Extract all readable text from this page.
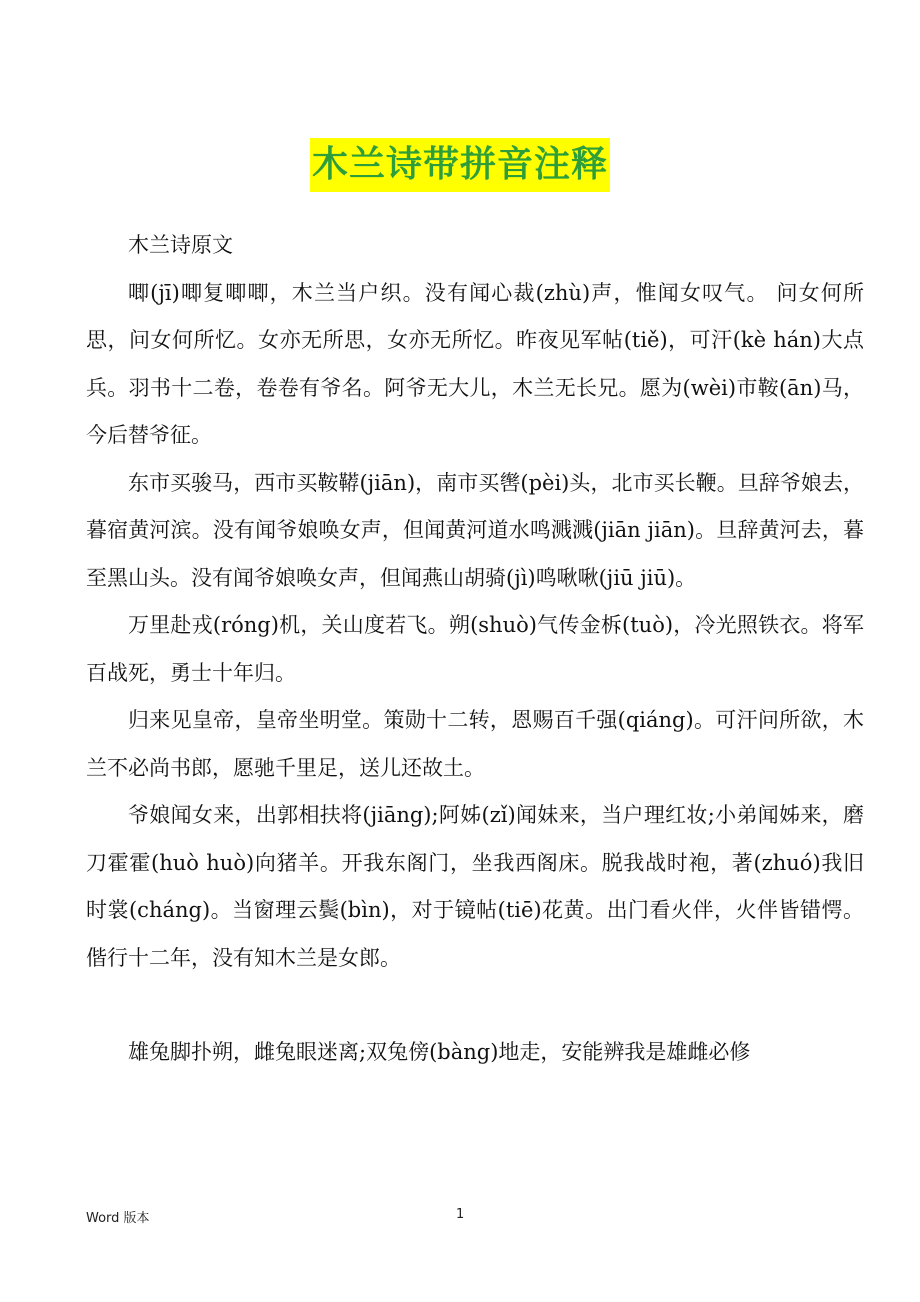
木兰诗带拼音注释

木兰诗原文

唧(jī)唧复唧唧，木兰当户织。没有闻心裁(zhù)声，惟闻女叹气。 问女何所思，问女何所忆。女亦无所思，女亦无所忆。昨夜见军帖(tiě)，可汗(kè hán)大点兵。羽书十二卷，卷卷有爷名。阿爷无大儿，木兰无长兄。愿为(wèi)市鞍(ān)马，今后替爷征。

东市买骏马，西市买鞍鞯(jiān)，南市买辔(pèi)头，北市买长鞭。旦辞爷娘去，暮宿黄河滨。没有闻爷娘唤女声，但闻黄河道水鸣溅溅(jiān jiān)。旦辞黄河去，暮至黑山头。没有闻爷娘唤女声，但闻燕山胡骑(jì)鸣啾啾(jiū jiū)。

万里赴戎(róng)机，关山度若飞。朔(shuò)气传金柝(tuò)，冷光照铁衣。将军百战死，勇士十年归。

归来见皇帝，皇帝坐明堂。策勋十二转，恩赐百千强(qiáng)。可汗问所欲，木兰不必尚书郎，愿驰千里足，送儿还故土。

爷娘闻女来，出郭相扶将(jiāng);阿姊(zǐ)闻妹来，当户理红妆;小弟闻姊来，磨刀霍霍(huò huò)向猪羊。开我东阁门，坐我西阁床。脱我战时袍，著(zhuó)我旧时裳(cháng)。当窗理云鬓(bìn)，对于镜帖(tiē)花黄。出门看火伴，火伴皆错愕。偕行十二年，没有知木兰是女郎。

雄兔脚扑朔，雌兔眼迷离;双兔傍(bàng)地走，安能辨我是雄雌必修

Word 版本	1
